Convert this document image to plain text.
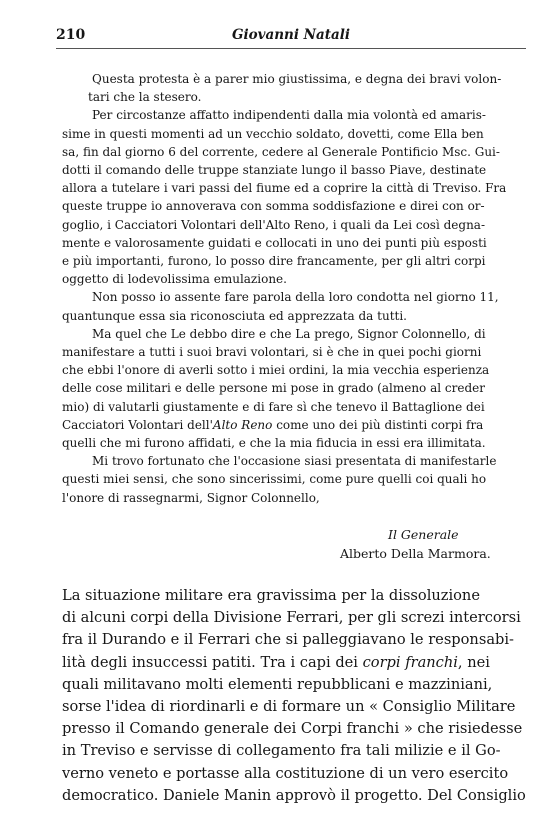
210	Giovanni Natali
Questa protesta è a parer mio giustissima, e degna dei bravi volon-
tari che la stesero.
Per circostanze affatto indipendenti dalla mia volontà ed amaris-
sime in questi momenti ad un vecchio soldato, dovetti, come Ella ben
sa, fin dal giorno 6 del corrente, cedere al Generale Pontificio Msc. Gui-
dotti il comando delle truppe stanziate lungo il basso Piave, destinate
allora a tutelare i vari passi del fiume ed a coprire la città di Treviso. Fra
queste truppe io annoverava con somma soddisfazione e direi con or-
goglio, i Cacciatori Volontari dell'Alto Reno, i quali da Lei così degna-
mente e valorosamente guidati e collocati in uno dei punti più esposti
e più importanti, furono, lo posso dire francamente, per gli altri corpi
oggetto di lodevolissima emulazione.
Non posso io assente fare parola della loro condotta nel giorno 11,
quantunque essa sia riconosciuta ed apprezzata da tutti.
Ma quel che Le debbo dire e che La prego, Signor Colonnello, di
manifestare a tutti i suoi bravi volontari, si è che in quei pochi giorni
che ebbi l'onore di averli sotto i miei ordini, la mia vecchia esperienza
delle cose militari e delle persone mi pose in grado (almeno al creder
mio) di valutarli giustamente e di fare sì che tenevo il Battaglione dei
Cacciatori Volontari dell'Alto Reno come uno dei più distinti corpi fra
quelli che mi furono affidati, e che la mia fiducia in essi era illimitata.
Mi trovo fortunato che l'occasione siasi presentata di manifestarle
questi miei sensi, che sono sincerissimi, come pure quelli coi quali ho
l'onore di rassegnarmi, Signor Colonnello,
Il Generale
Alberto Della Marmora.
La situazione militare era gravissima per la dissoluzione
di alcuni corpi della Divisione Ferrari, per gli screzi intercorsi
fra il Durando e il Ferrari che si palleggiavano le responsabi-
lità degli insuccessi patiti. Tra i capi dei corpi franchi, nei
quali militavano molti elementi repubblicani e mazziniani,
sorse l'idea di riordinarli e di formare un « Consiglio Militare
presso il Comando generale dei Corpi franchi » che risiedesse
in Treviso e servisse di collegamento fra tali milizie e il Go-
verno veneto e portasse alla costituzione di un vero esercito
democratico. Daniele Manin approvò il progetto. Del Consiglio
